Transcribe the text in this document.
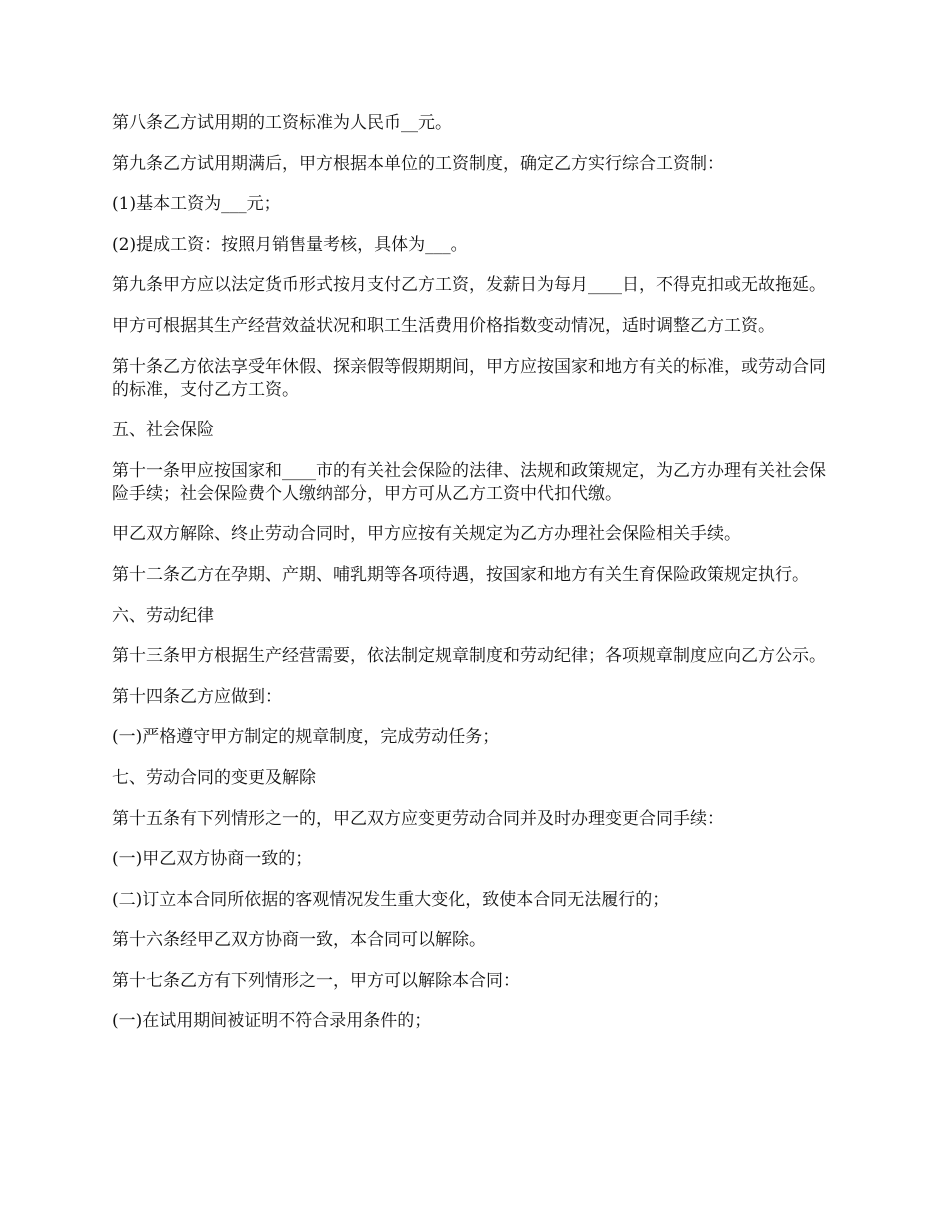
第八条乙方试用期的工资标准为人民币__元。

第九条乙方试用期满后，甲方根据本单位的工资制度，确定乙方实行综合工资制：

(1)基本工资为___元；

(2)提成工资：按照月销售量考核，具体为___。

第九条甲方应以法定货币形式按月支付乙方工资，发薪日为每月____日，不得克扣或无故拖延。

甲方可根据其生产经营效益状况和职工生活费用价格指数变动情况，适时调整乙方工资。

第十条乙方依法享受年休假、探亲假等假期期间，甲方应按国家和地方有关的标准，或劳动合同的标准，支付乙方工资。

五、社会保险

第十一条甲应按国家和____市的有关社会保险的法律、法规和政策规定，为乙方办理有关社会保险手续；社会保险费个人缴纳部分，甲方可从乙方工资中代扣代缴。

甲乙双方解除、终止劳动合同时，甲方应按有关规定为乙方办理社会保险相关手续。

第十二条乙方在孕期、产期、哺乳期等各项待遇，按国家和地方有关生育保险政策规定执行。

六、劳动纪律

第十三条甲方根据生产经营需要，依法制定规章制度和劳动纪律；各项规章制度应向乙方公示。

第十四条乙方应做到：

(一)严格遵守甲方制定的规章制度，完成劳动任务；

七、劳动合同的变更及解除

第十五条有下列情形之一的，甲乙双方应变更劳动合同并及时办理变更合同手续：

(一)甲乙双方协商一致的；

(二)订立本合同所依据的客观情况发生重大变化，致使本合同无法履行的；

第十六条经甲乙双方协商一致，本合同可以解除。

第十七条乙方有下列情形之一，甲方可以解除本合同：

(一)在试用期间被证明不符合录用条件的；
